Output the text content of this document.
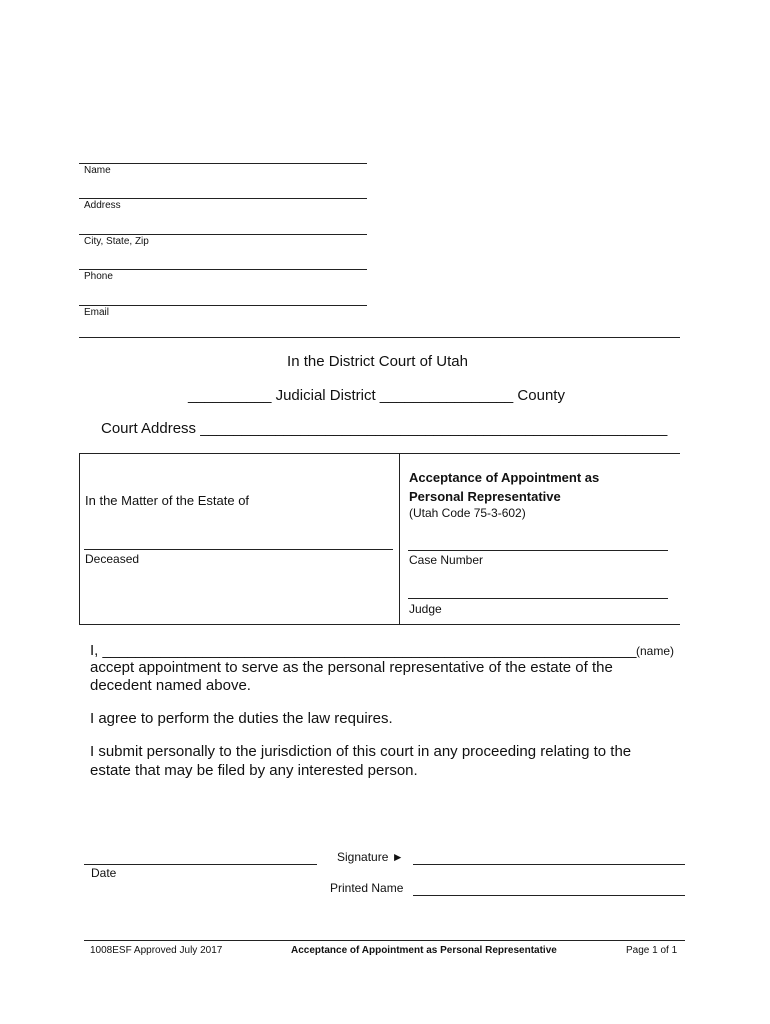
Name
Address
City, State, Zip
Phone
Email
In the District Court of Utah
__________ Judicial District ________________ County
Court Address ________________________________________________________
In the Matter of the Estate of
Deceased
Acceptance of Appointment as
Personal Representative
(Utah Code 75-3-602)
Case Number
Judge
I, ________________________________________________________________ (name)
accept appointment to serve as the personal representative of the estate of the
decedent named above.
I agree to perform the duties the law requires.
I submit personally to the jurisdiction of this court in any proceeding relating to the
estate that may be filed by any interested person.
Date
Signature ►
Printed Name
1008ESF Approved July 2017	Acceptance of Appointment as Personal Representative	Page 1 of 1
